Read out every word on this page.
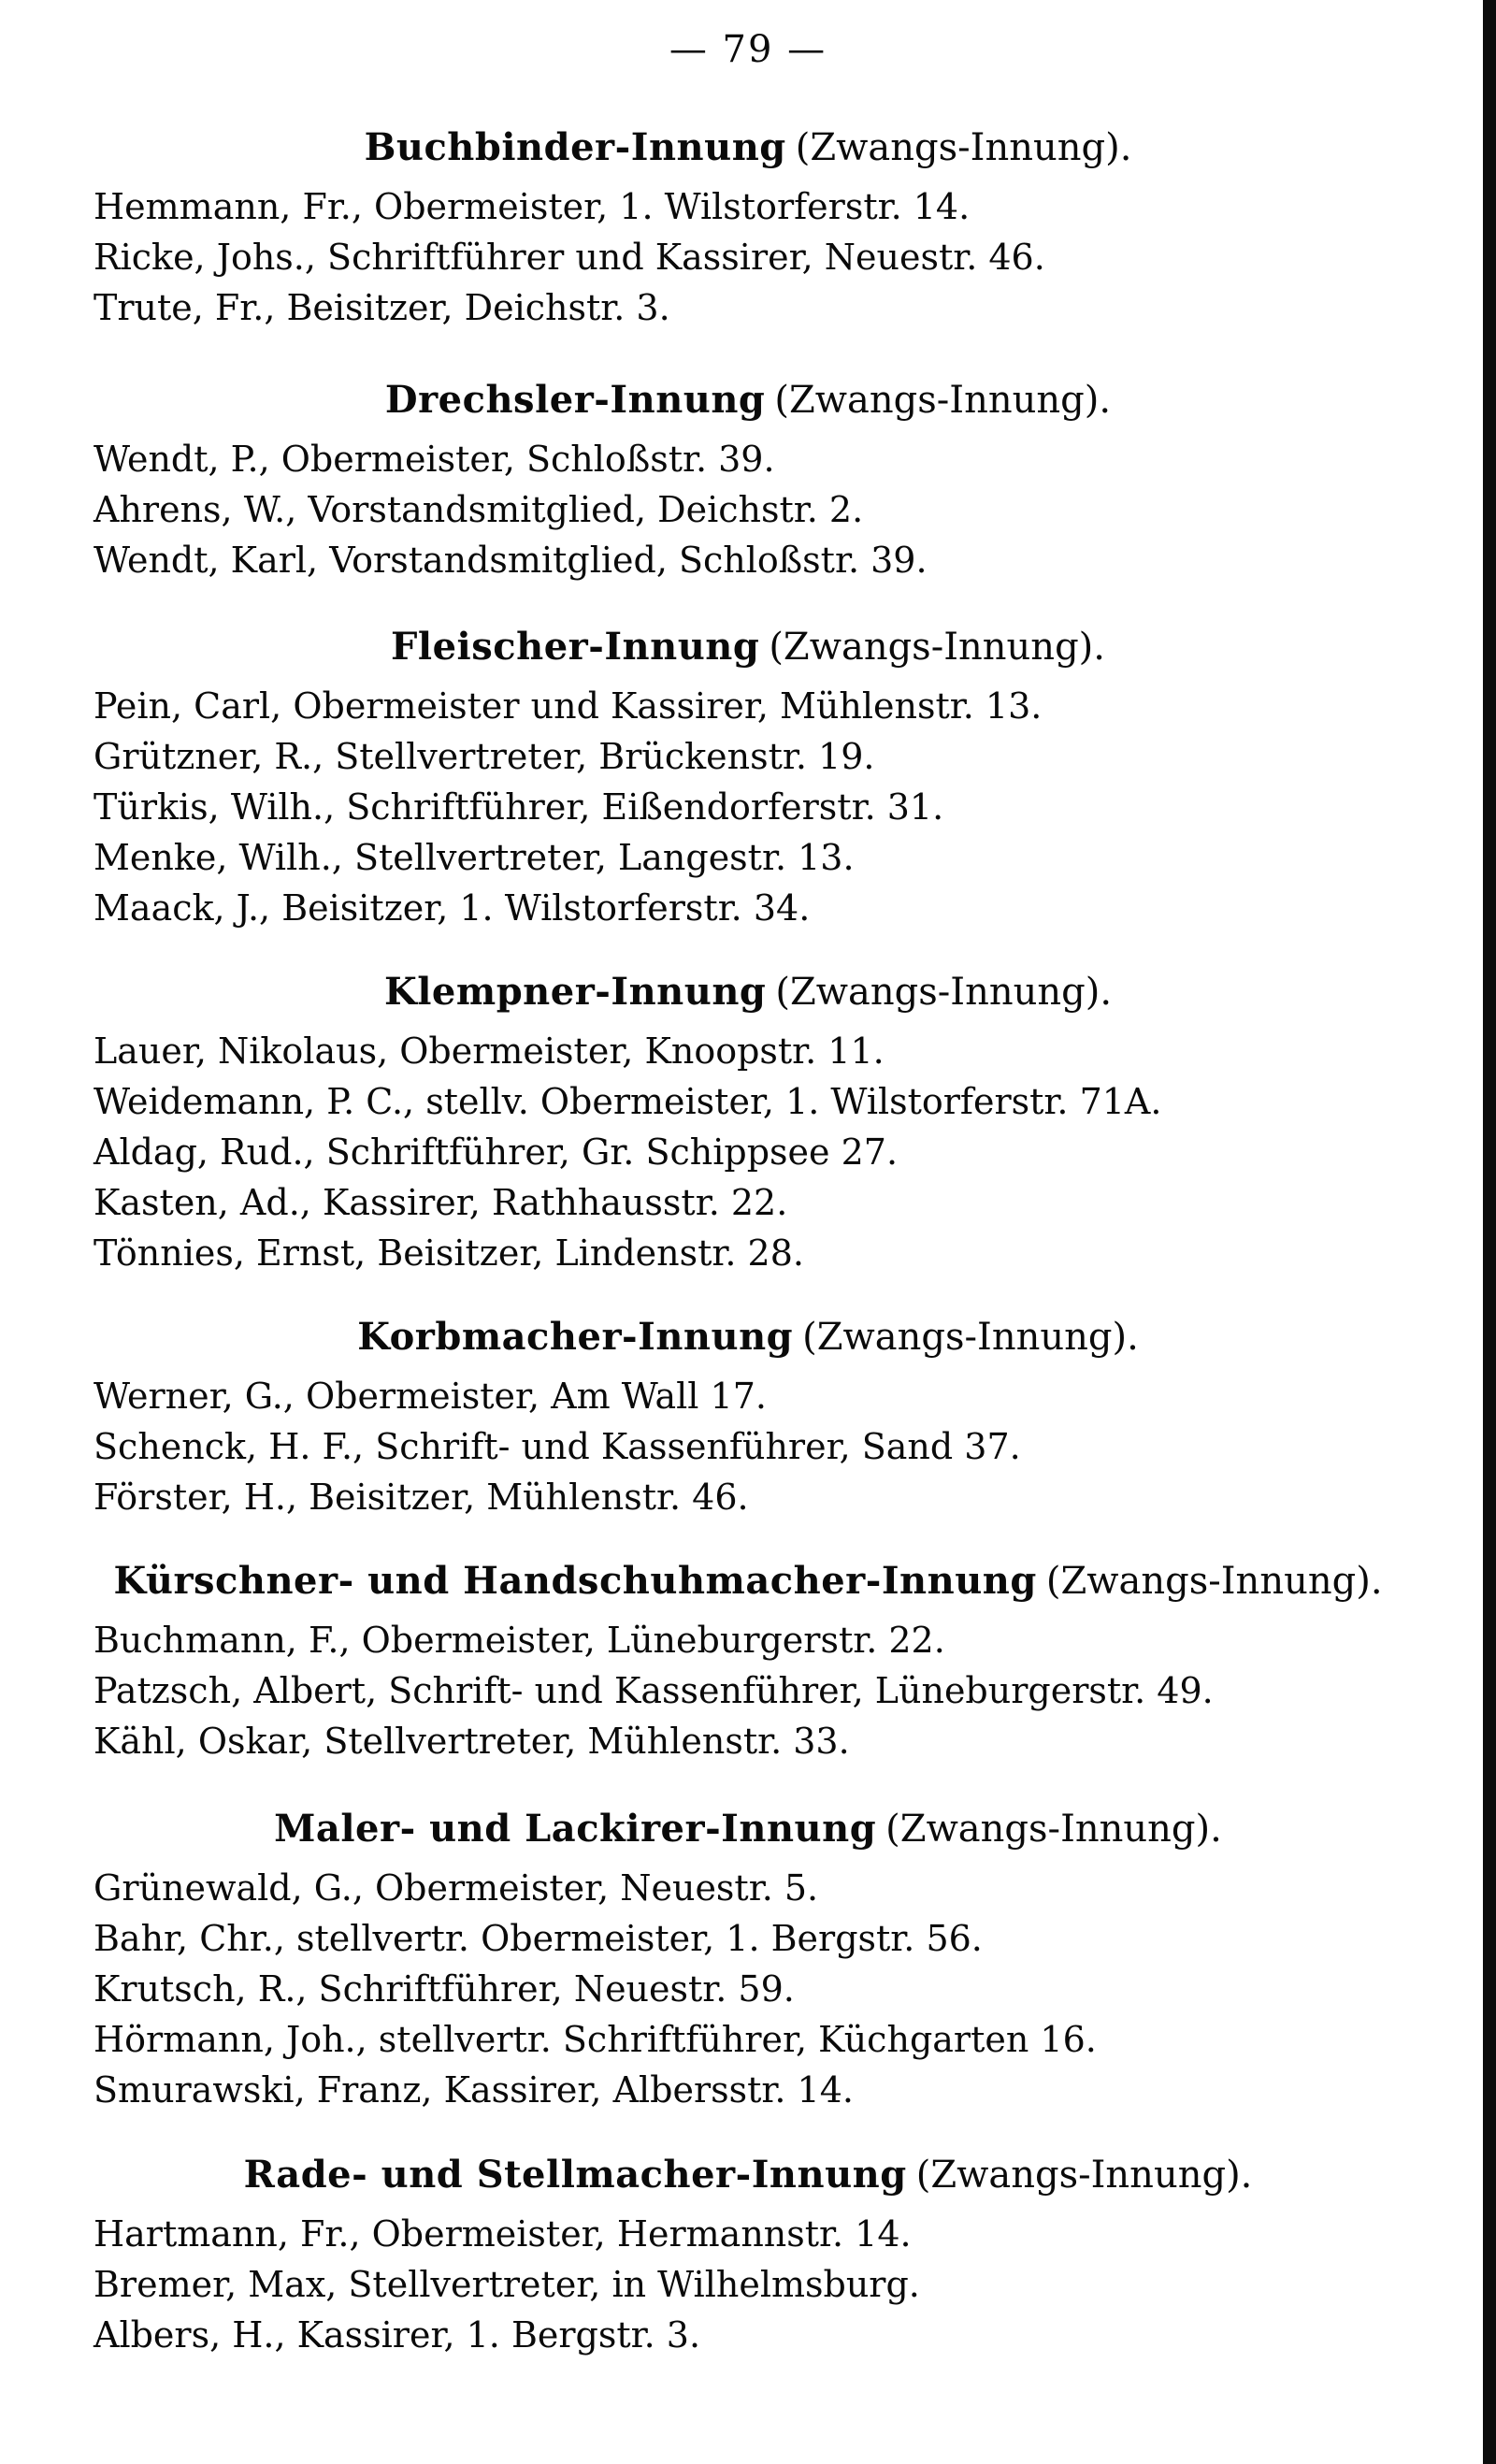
— 79 —
Buchbinder-Innung (Zwangs-Innung).
Hemmann, Fr., Obermeister, 1. Wilstorferstr. 14.
Ricke, Johs., Schriftführer und Kassirer, Neuestr. 46.
Trute, Fr., Beisitzer, Deichstr. 3.
Drechsler-Innung (Zwangs-Innung).
Wendt, P., Obermeister, Schloßstr. 39.
Ahrens, W., Vorstandsmitglied, Deichstr. 2.
Wendt, Karl, Vorstandsmitglied, Schloßstr. 39.
Fleischer-Innung (Zwangs-Innung).
Pein, Carl, Obermeister und Kassirer, Mühlenstr. 13.
Grützner, R., Stellvertreter, Brückenstr. 19.
Türkis, Wilh., Schriftführer, Eißendorferstr. 31.
Menke, Wilh., Stellvertreter, Langestr. 13.
Maack, J., Beisitzer, 1. Wilstorferstr. 34.
Klempner-Innung (Zwangs-Innung).
Lauer, Nikolaus, Obermeister, Knoopstr. 11.
Weidemann, P. C., stellv. Obermeister, 1. Wilstorferstr. 71A.
Aldag, Rud., Schriftführer, Gr. Schippsee 27.
Kasten, Ad., Kassirer, Rathhausstr. 22.
Tönnies, Ernst, Beisitzer, Lindenstr. 28.
Korbmacher-Innung (Zwangs-Innung).
Werner, G., Obermeister, Am Wall 17.
Schenck, H. F., Schrift- und Kassenführer, Sand 37.
Förster, H., Beisitzer, Mühlenstr. 46.
Kürschner- und Handschuhmacher-Innung (Zwangs-Innung).
Buchmann, F., Obermeister, Lüneburgerstr. 22.
Patzsch, Albert, Schrift- und Kassenführer, Lüneburgerstr. 49.
Kähl, Oskar, Stellvertreter, Mühlenstr. 33.
Maler- und Lackirer-Innung (Zwangs-Innung).
Grünewald, G., Obermeister, Neuestr. 5.
Bahr, Chr., stellvertr. Obermeister, 1. Bergstr. 56.
Krutsch, R., Schriftführer, Neuestr. 59.
Hörmann, Joh., stellvertr. Schriftführer, Küchgarten 16.
Smurawski, Franz, Kassirer, Albersstr. 14.
Rade- und Stellmacher-Innung (Zwangs-Innung).
Hartmann, Fr., Obermeister, Hermannstr. 14.
Bremer, Max, Stellvertreter, in Wilhelmsburg.
Albers, H., Kassirer, 1. Bergstr. 3.
